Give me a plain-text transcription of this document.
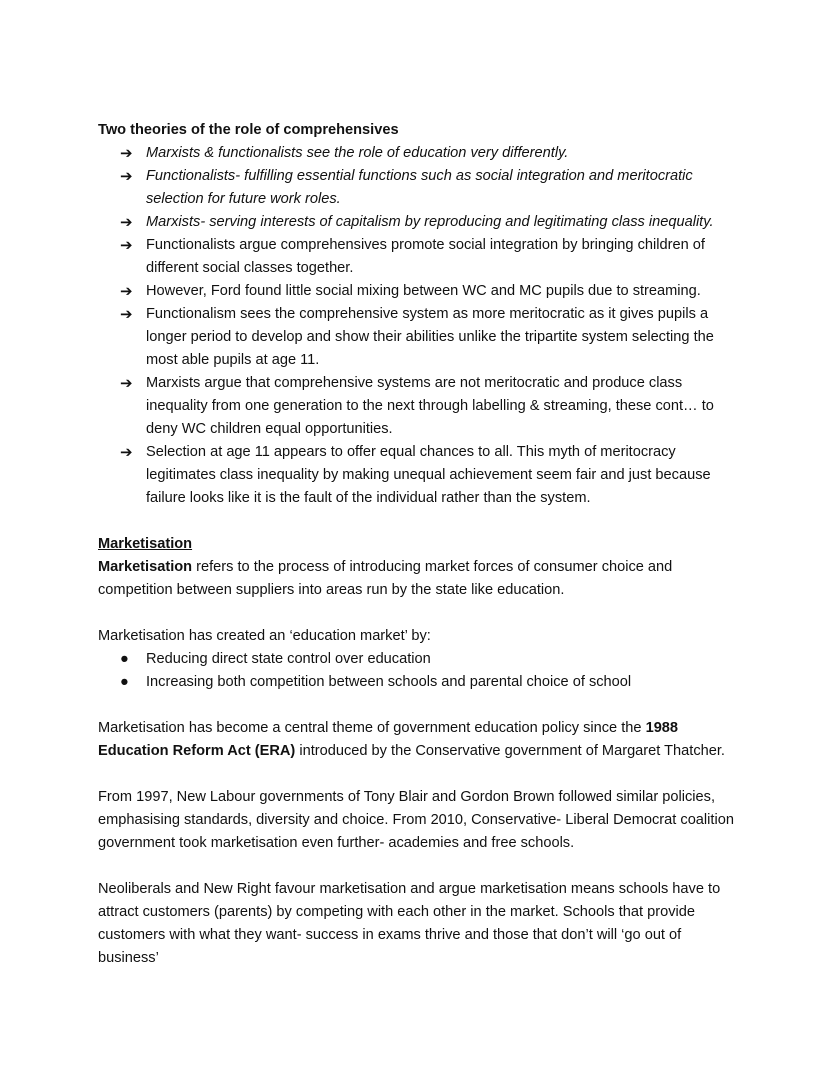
Two theories of the role of comprehensives

➔ Marxists & functionalists see the role of education very differently.
➔ Functionalists- fulfilling essential functions such as social integration and meritocratic selection for future work roles.
➔ Marxists- serving interests of capitalism by reproducing and legitimating class inequality.
➔ Functionalists argue comprehensives promote social integration by bringing children of different social classes together.
➔ However, Ford found little social mixing between WC and MC pupils due to streaming.
➔ Functionalism sees the comprehensive system as more meritocratic as it gives pupils a longer period to develop and show their abilities unlike the tripartite system selecting the most able pupils at age 11.
➔ Marxists argue that comprehensive systems are not meritocratic and produce class inequality from one generation to the next through labelling & streaming, these cont… to deny WC children equal opportunities.
➔ Selection at age 11 appears to offer equal chances to all. This myth of meritocracy legitimates class inequality by making unequal achievement seem fair and just because failure looks like it is the fault of the individual rather than the system.

Marketisation

Marketisation refers to the process of introducing market forces of consumer choice and competition between suppliers into areas run by the state like education.

Marketisation has created an ‘education market’ by:

● Reducing direct state control over education
● Increasing both competition between schools and parental choice of school

Marketisation has become a central theme of government education policy since the 1988 Education Reform Act (ERA) introduced by the Conservative government of Margaret Thatcher.

From 1997, New Labour governments of Tony Blair and Gordon Brown followed similar policies, emphasising standards, diversity and choice. From 2010, Conservative- Liberal Democrat coalition government took marketisation even further- academies and free schools.

Neoliberals and New Right favour marketisation and argue marketisation means schools have to attract customers (parents) by competing with each other in the market. Schools that provide customers with what they want- success in exams thrive and those that don’t will ‘go out of business’
